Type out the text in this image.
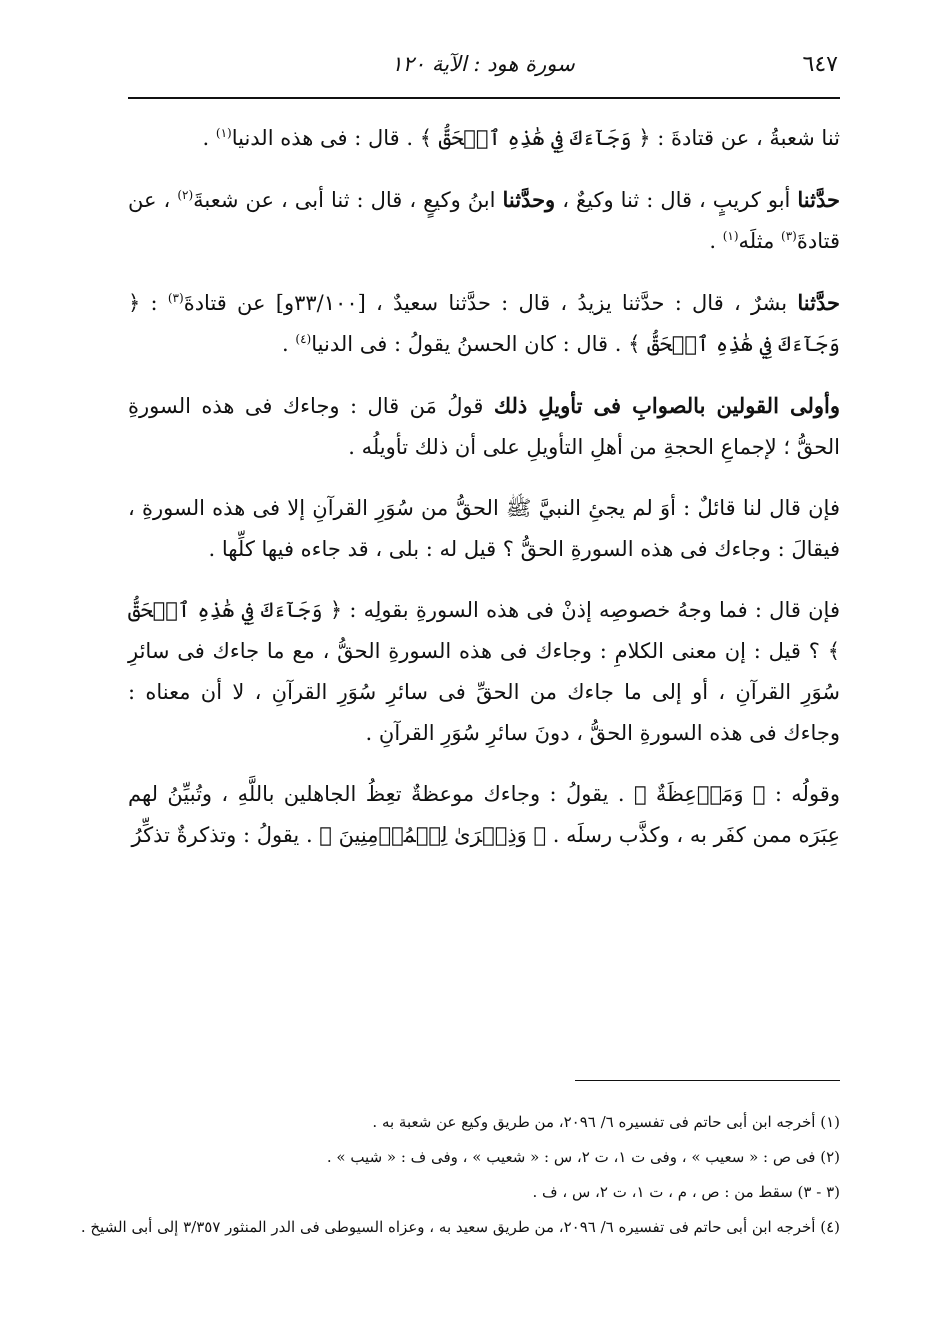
٦٤٧
سورة هود : الآية ١٢٠

ثنا شعبةُ ، عن قتادةَ : ﴿ وَجَآءَكَ فِي هَٰذِهِ ٱلۡحَقُّ ﴾ . قال : فى هذه الدنيا$^{(١)}$ .

حدَّثنا أبو كريبٍ ، قال : ثنا وكيعٌ ، وحدَّثنا ابنُ وكيعٍ ، قال : ثنا أبى ، عن شعبةَ$^{(٢)}$ ، عن قتادةَ$^{(٣)}$ مثلَه$^{(١)}$ .

حدَّثنا بشرٌ ، قال : حدَّثنا يزيدُ ، قال : حدَّثنا سعيدٌ ، [٣٣/١٠٠و] عن قتادةَ$^{(٣)}$ : ﴿ وَجَآءَكَ فِي هَٰذِهِ ٱلۡحَقُّ ﴾ . قال : كان الحسنُ يقولُ : فى الدنيا$^{(٤)}$ .

وأولى القولين بالصوابِ فى تأويلِ ذلك قولُ مَن قال : وجاءك فى هذه السورةِ الحقُّ ؛ لإجماعِ الحجةِ من أهلِ التأويلِ على أن ذلك تأويلُه .

فإن قال لنا قائلٌ : أوَ لم يجئِ النبيَّ ﷺ الحقُّ من سُوَرِ القرآنِ إلا فى هذه السورةِ ، فيقالَ : وجاءك فى هذه السورةِ الحقُّ ؟ قيل له : بلى ، قد جاءه فيها كلِّها .

فإن قال : فما وجهُ خصوصِه إذنْ فى هذه السورةِ بقولِه : ﴿ وَجَآءَكَ فِي هَٰذِهِ ٱلۡحَقُّ ﴾ ؟ قيل : إن معنى الكلامِ : وجاءك فى هذه السورةِ الحقُّ ، مع ما جاءك فى سائرِ سُوَرِ القرآنِ ، أو إلى ما جاءك من الحقِّ فى سائرِ سُوَرِ القرآنِ ، لا أن معناه : وجاءك فى هذه السورةِ الحقُّ ، دونَ سائرِ سُوَرِ القرآنِ .

وقولُه : ﴿ وَمَوۡعِظَةٌ ﴾ . يقولُ : وجاءك موعظةٌ تعِظُ الجاهلين باللَّهِ ، وتُبيِّنُ لهم عِبَرَه ممن كفَر به ، وكذَّب رسلَه . ﴿ وَذِكۡرَىٰ لِلۡمُؤۡمِنِينَ ﴾ . يقولُ : وتذكرةٌ تذكِّرُ

(١) أخرجه ابن أبى حاتم فى تفسيره ٦/ ٢٠٩٦، من طريق وكيع عن شعبة به .

(٢) فى ص : « سعيب » ، وفى ت ١، ت ٢، س : « شعيب » ، وفى ف : « شيب » .

(٣ - ٣) سقط من : ص ، م ، ت ١، ت ٢، س ، ف .

(٤) أخرجه ابن أبى حاتم فى تفسيره ٦/ ٢٠٩٦، من طريق سعيد به ، وعزاه السيوطى فى الدر المنثور ٣/٣٥٧ إلى أبى الشيخ .
